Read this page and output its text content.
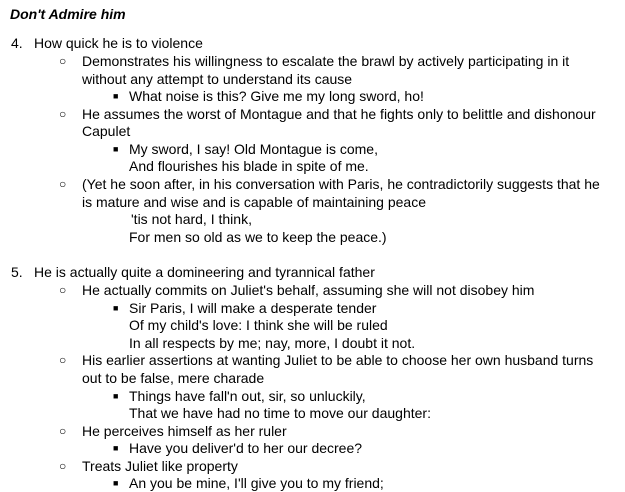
Don't Admire him
4. How quick he is to violence
○ Demonstrates his willingness to escalate the brawl by actively participating in it
without any attempt to understand its cause
■ What noise is this? Give me my long sword, ho!
○ He assumes the worst of Montague and that he fights only to belittle and dishonour
Capulet
■ My sword, I say! Old Montague is come,
And flourishes his blade in spite of me.
○ (Yet he soon after, in his conversation with Paris, he contradictorily suggests that he
is mature and wise and is capable of maintaining peace
'tis not hard, I think,
For men so old as we to keep the peace.)
5. He is actually quite a domineering and tyrannical father
○ He actually commits on Juliet's behalf, assuming she will not disobey him
■ Sir Paris, I will make a desperate tender
Of my child's love: I think she will be ruled
In all respects by me; nay, more, I doubt it not.
○ His earlier assertions at wanting Juliet to be able to choose her own husband turns
out to be false, mere charade
■ Things have fall'n out, sir, so unluckily,
That we have had no time to move our daughter:
○ He perceives himself as her ruler
■ Have you deliver'd to her our decree?
○ Treats Juliet like property
■ An you be mine, I'll give you to my friend;
